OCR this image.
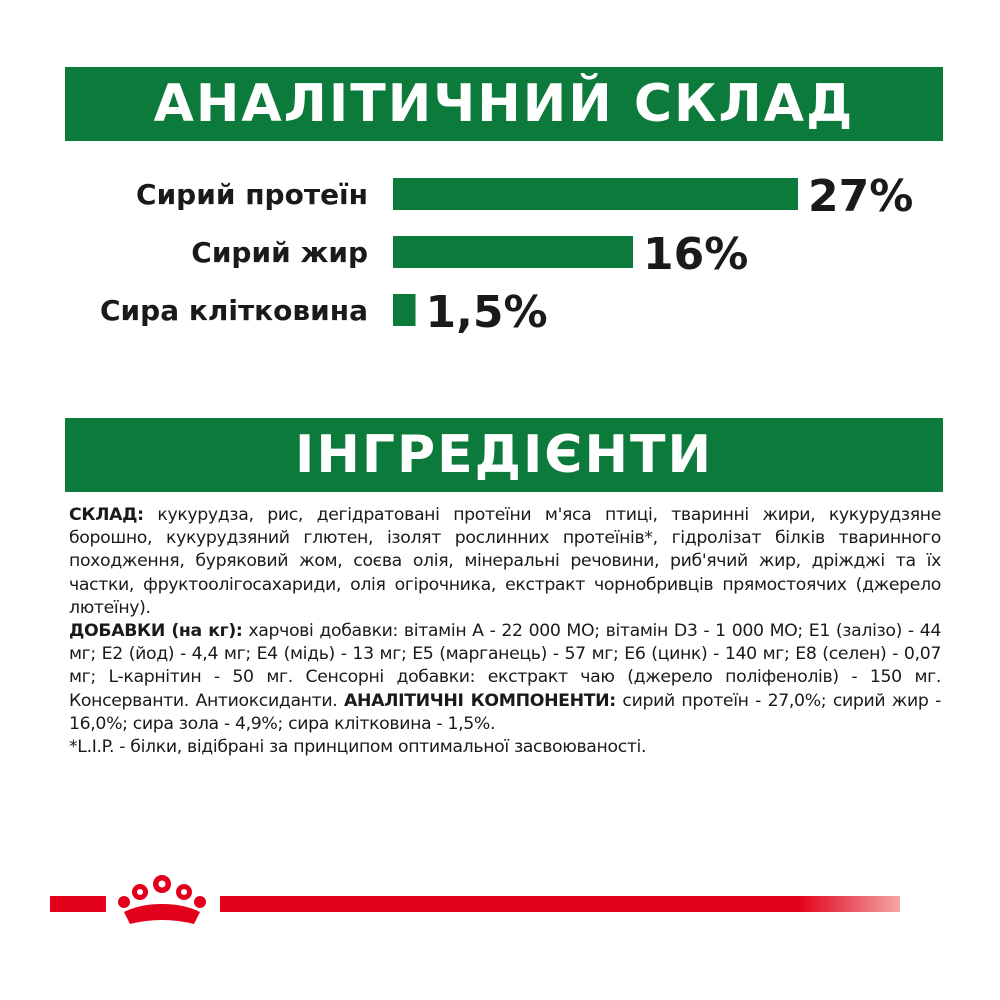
АНАЛІТИЧНИЙ СКЛАД
Сирий протеїн	27%
Сирий жир	16%
Сира клітковина 1,5%
ІНГРЕДІЄНТИ

СКЛАД: кукурудза, рис, дегідратовані протеїни м'яса птиці, тваринні жири, кукурудзяне борошно, кукурудзяний глютен, ізолят рослинних протеїнів*, гідролізат білків тваринного походження, буряковий жом, соєва олія, мінеральні речовини, риб'ячий жир, дріжджі та їх частки, фруктоолігосахариди, олія огірочника, екстракт чорнобривців прямостоячих (джерело лютеїну).
ДОБАВКИ (на кг): харчові добавки: вітамін А - 22 000 МО; вітамін D3 - 1 000 МО; Е1 (залізо) - 44 мг; Е2 (йод) - 4,4 мг; Е4 (мідь) - 13 мг; Е5 (марганець) - 57 мг; Е6 (цинк) - 140 мг; Е8 (селен) - 0,07 мг; L-карнітин - 50 мг. Сенсорні добавки: екстракт чаю (джерело поліфенолів) - 150 мг. Консерванти. Антиоксиданти. АНАЛІТИЧНІ КОМПОНЕНТИ: сирий протеїн - 27,0%; сирий жир - 16,0%; сира зола - 4,9%; сира клітковина - 1,5%.

*L.I.P. - білки, відібрані за принципом оптимальної засвоюваності.
